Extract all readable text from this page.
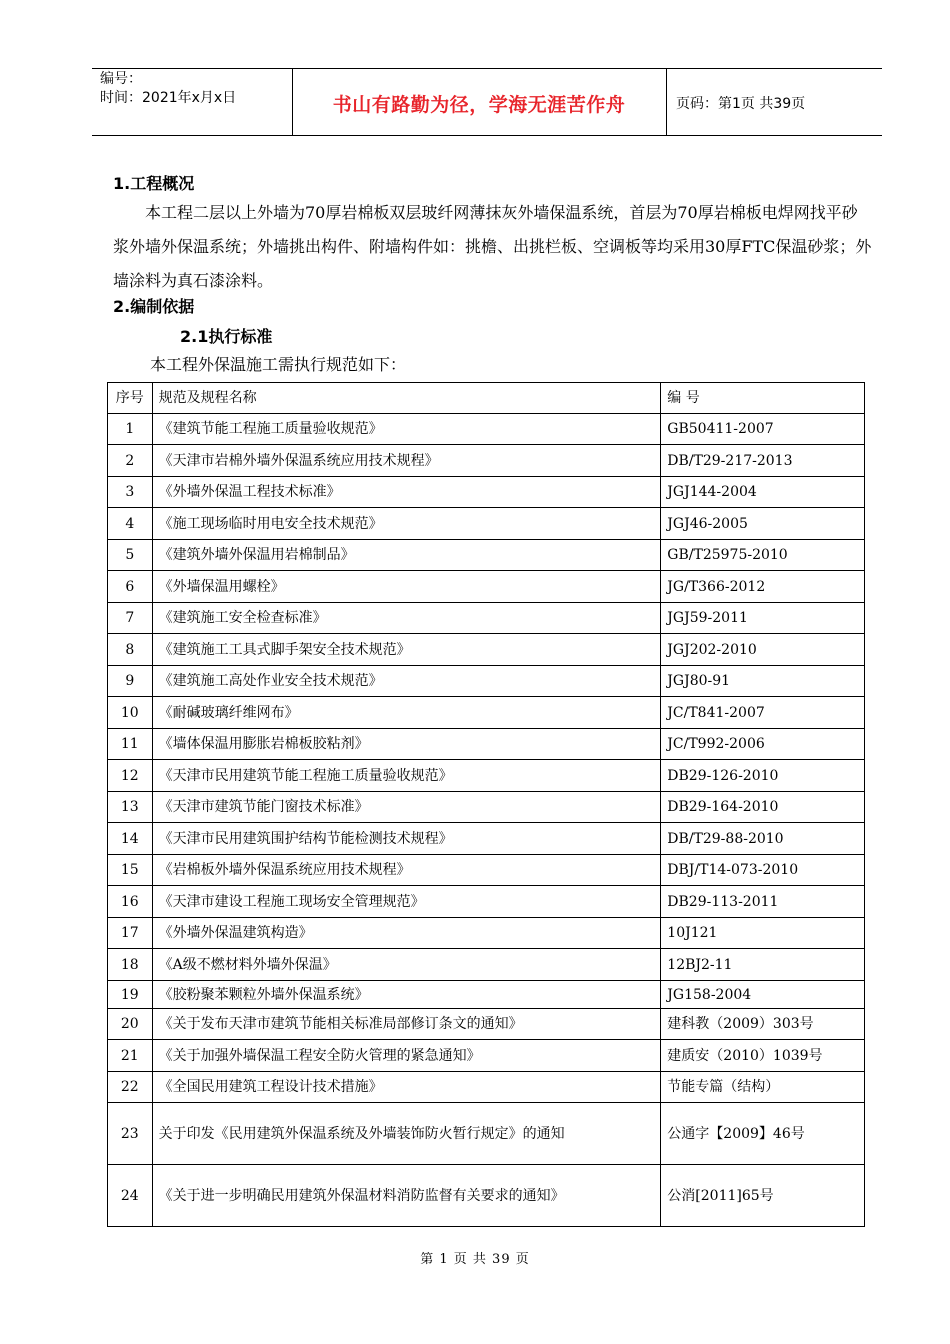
编号：
时间：2021年x月x日	书山有路勤为径，学海无涯苦作舟	页码：第1页 共39页
1.工程概况
本工程二层以上外墙为70厚岩棉板双层玻纤网薄抹灰外墙保温系统，首层为70厚岩棉板电焊网找平砂浆外墙外保温系统；外墙挑出构件、附墙构件如：挑檐、出挑栏板、空调板等均采用30厚FTC保温砂浆；外墙涂料为真石漆涂料。
2.编制依据
2.1执行标准
本工程外保温施工需执行规范如下：
序号	规范及规程名称	编 号
1	《建筑节能工程施工质量验收规范》	GB50411-2007
2	《天津市岩棉外墙外保温系统应用技术规程》	DB/T29-217-2013
3	《外墙外保温工程技术标准》	JGJ144-2004
4	《施工现场临时用电安全技术规范》	JGJ46-2005
5	《建筑外墙外保温用岩棉制品》	GB/T25975-2010
6	《外墙保温用螺栓》	JG/T366-2012
7	《建筑施工安全检查标准》	JGJ59-2011
8	《建筑施工工具式脚手架安全技术规范》	JGJ202-2010
9	《建筑施工高处作业安全技术规范》	JGJ80-91
10	《耐碱玻璃纤维网布》	JC/T841-2007
11	《墙体保温用膨胀岩棉板胶粘剂》	JC/T992-2006
12	《天津市民用建筑节能工程施工质量验收规范》	DB29-126-2010
13	《天津市建筑节能门窗技术标准》	DB29-164-2010
14	《天津市民用建筑围护结构节能检测技术规程》	DB/T29-88-2010
15	《岩棉板外墙外保温系统应用技术规程》	DBJ/T14-073-2010
16	《天津市建设工程施工现场安全管理规范》	DB29-113-2011
17	《外墙外保温建筑构造》	10J121
18	《A级不燃材料外墙外保温》	12BJ2-11
19	《胶粉聚苯颗粒外墙外保温系统》	JG158-2004
20	《关于发布天津市建筑节能相关标准局部修订条文的通知》	建科教（2009）303号
21	《关于加强外墙保温工程安全防火管理的紧急通知》	建质安（2010）1039号
22	《全国民用建筑工程设计技术措施》	节能专篇（结构）
23	关于印发《民用建筑外保温系统及外墙装饰防火暂行规定》的通知	公通字【2009】46号
24	《关于进一步明确民用建筑外保温材料消防监督有关要求的通知》	公消[2011]65号
第 1 页 共 39 页
